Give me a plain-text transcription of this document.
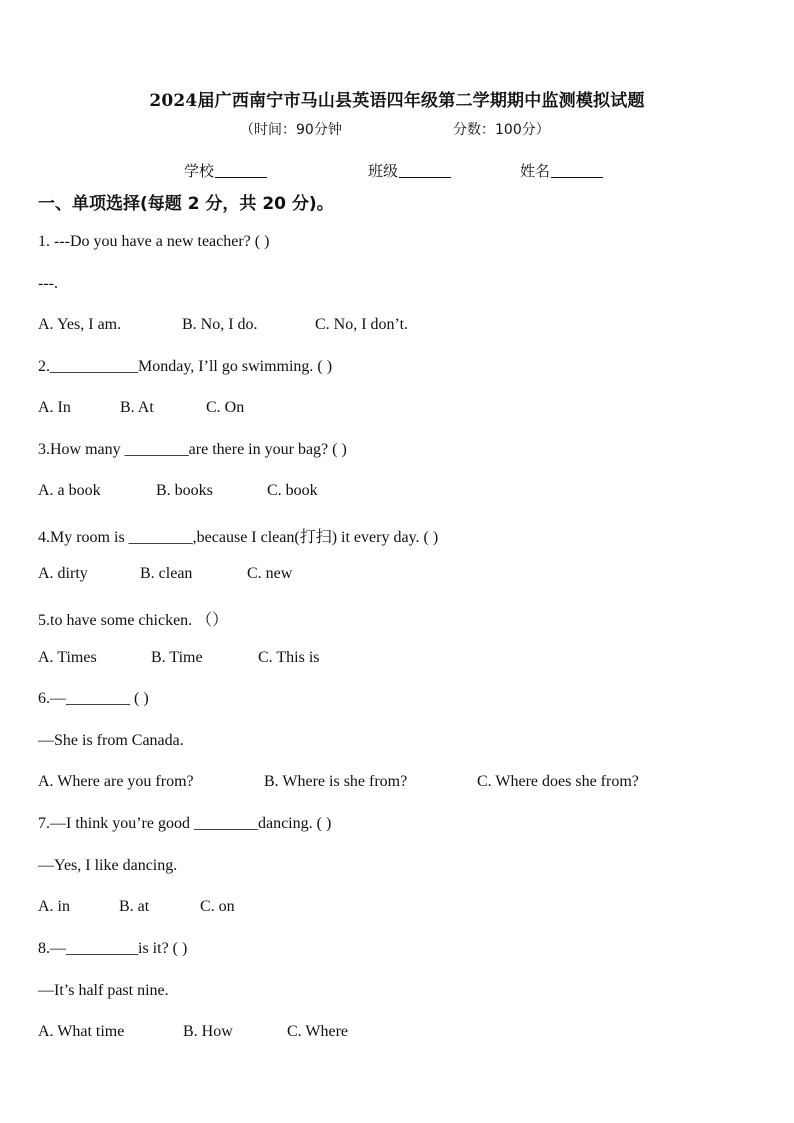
2024届广西南宁市马山县英语四年级第二学期期中监测模拟试题
（时间：90分钟	分数：100分）
学校	班级	姓名
一、单项选择(每题 2 分，共 20 分)。
1. ---Do you have a new teacher? ( )
---.
A. Yes, I am.	B. No, I do.	C. No, I don’t.
2.___________Monday, I’ll go swimming. ( )
A. In	B. At	C. On
3.How many ________are there in your bag? ( )
A. a book	B. books	C. book
4.My room is ________,because I clean(打扫) it every day. ( )
A. dirty	B. clean	C. new
5.to have some chicken. （）
A. Times	B. Time	C. This is
6.—________ ( )
—She is from Canada.
A. Where are you from?	B. Where is she from?	C. Where does she from?
7.—I think you’re good ________dancing. ( )
—Yes, I like dancing.
A. in	B. at	C. on
8.—_________is it? ( )
—It’s half past nine.
A. What time	B. How	C. Where
